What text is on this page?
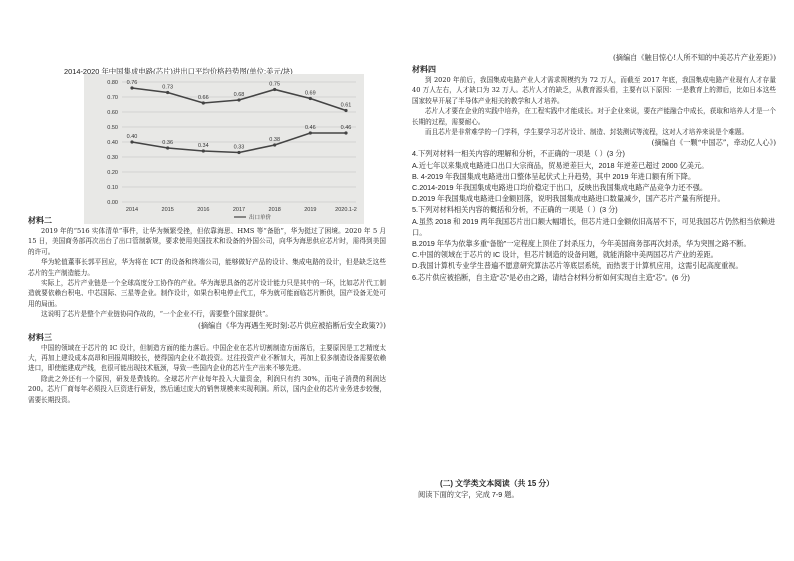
2014-2020 年中国集成电路(芯片)进出口平均价格趋势图(单位:美元/块)
0.80
0.70
0.60
0.50
0.40
0.30
0.20
0.10
0.00
2014	2015	2016	2017	2018	2019	2020.1-2
0.76
0.73
0.66	0.68
0.75
0.69
0.61
0.40
0.36	0.34	0.33
0.38
0.46	0.46
出口单价

材料二

2019 年的“516 实体清单”事件，让华为频繁受挫，但依靠海思、HMS 等“备胎”，华为挺过了困境。2020 年 5 月 15 日，美国商务部再次出台了出口管制新规，要求使用美国技术和设备的外国公司，向华为海思供应芯片时，需得到美国的许可。

华为轮值董事长郭平回应，华为将在 ICT 的设备和终端公司，能够做好产品的设计、集成电路的设计，但是缺乏这些芯片的生产制造能力。

实际上，芯片产业链是一个全球高度分工协作的产业。华为海思具备的芯片设计能力只是其中的一环，比如芯片代工制造就要依赖台积电、中芯国际、三星等企业。制作设计，如果台积电停止代工，华为就可能面临芯片断供，国产设备无处可用的局面。

这说明了芯片是整个产业链协同作战的，“一个企业不行，需要整个国家提供”。

(摘编自《华为再遇生死时刻:芯片供应被掐断后安全政策?》)

材料三

中国的领域在于芯片的 IC 设计，但制造方面的能力落后。中国企业在芯片切割制造方面落后，主要原因是工艺精度太大，再加上建设成本高昂和回报周期较长，使得国内企业不敢投资。过往投资产业不断加大，再加上很多制造设备需要依赖进口，即使能建成产线，也很可能出现技术瓶颈，导致一些国内企业的芯片生产出来不够先进。

除此之外还有一个原因，研发是费钱的。全球芯片产业每年投入大量资金，利润只有约 30%，而电子消费的利润达 200。芯片厂商每年必须投入巨资进行研发，然后通过庞大的销售规模来实现利润。所以，国内企业的芯片业务进步较慢，需要长期投资。

(摘编自《触目惊心!人所不知的中美芯片产业差距》)

材料四

到 2020 年前后，我国集成电路产业人才需求规模约为 72 万人，而截至 2017 年底，我国集成电路产业现有人才存量 40 万人左右，人才缺口为 32 万人。芯片人才的缺乏，从教育源头看，主要有以下原因：一是教育上的滞后，比如日本这些国家较早开展了半导体产业相关的教学和人才培养。

芯片人才要在企业的实践中培养，在工程实践中才能成长。对于企业来说，要在产能融合中成长，获取和培养人才是一个长期的过程，需要耐心。

而且芯片是非常难学的一门学科，学生要学习芯片设计、制造、封装测试等流程，这对人才培养来说是个难题。

(摘编自《一颗“中国芯”，牵动亿人心》)

4.下列对材料一相关内容的理解和分析，不正确的一项是（ ）(3 分)

A.近七年以来集成电路进口出口大宗商品，贸易逆差巨大，2018 年逆差已超过 2000 亿美元。

B. 4-2019 年我国集成电路进出口整体呈起伏式上升趋势，其中 2019 年进口额有所下降。

C.2014-2019 年我国集成电路进口均价稳定于出口，反映出我国集成电路产品竞争力还不强。

D.2019 年我国集成电路进口金额回落，说明我国集成电路进口数量减少，国产芯片产量有所提升。

5.下列对材料相关内容的概括和分析，不正确的一项是（ ）(3 分)

A.虽然 2018 和 2019 两年我国芯片出口额大幅增长，但芯片进口金额依旧高居不下，可见我国芯片仍然相当依赖进口。

B.2019 年华为依靠多重“备胎”一定程度上顶住了封杀压力，今年美国商务部再次封杀，华为突围之路不断。

C.中国的领域在于芯片的 IC 设计，但芯片制造的设备问题，就能消除中美两国芯片产业的差距。

D.我国计算机专业学生普遍不愿意研究算法芯片等底层系统，而热衷于计算机应用，这需引起高度重视。

6.芯片供应被掐断，自主造“芯”是必由之路，请结合材料分析如何实现自主造“芯”。(6 分)

(二) 文学类文本阅读（共 15 分）

阅读下面的文字，完成 7-9 题。
